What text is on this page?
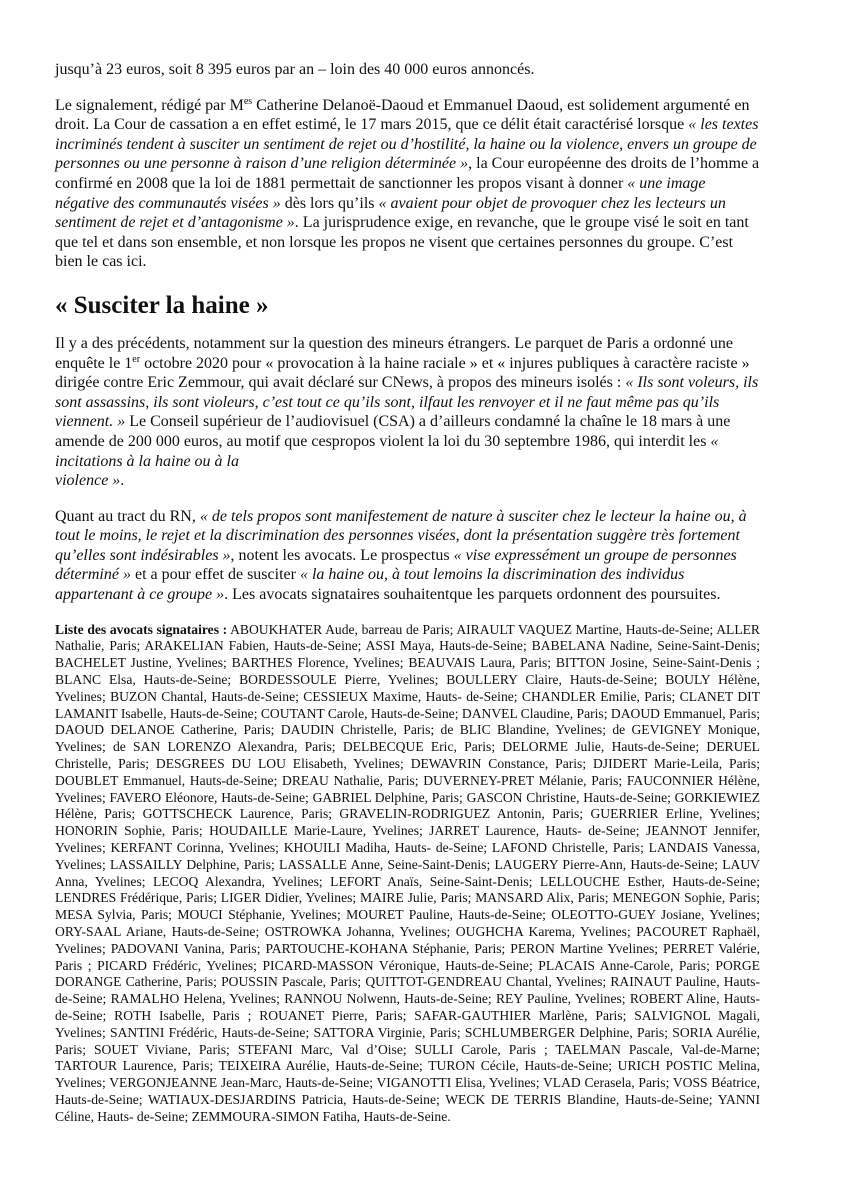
jusqu’à 23 euros, soit 8 395 euros par an – loin des 40 000 euros annoncés.

Le signalement, rédigé par $M^{es}$ Catherine Delanoë-Daoud et Emmanuel Daoud, est solidement argumenté en droit. La Cour de cassation a en effet estimé, le 17 mars 2015, que ce délit était caractérisé lorsque « les textes incriminés tendent à susciter un sentiment de rejet ou d’hostilité, la haine ou la violence, envers un groupe de personnes ou une personne à raison d’une religion déterminée », la Cour européenne des droits de l’homme a confirmé en 2008 que la loi de 1881 permettait de sanctionner les propos visant à donner « une image négative des communautés visées » dès lors qu’ils « avaient pour objet de provoquer chez les lecteurs un sentiment de rejet et d’antagonisme ». La jurisprudence exige, en revanche, que le groupe visé le soit en tant que tel et dans son ensemble, et non lorsque les propos ne visent que certaines personnes du groupe. C’est bien le cas ici.

« Susciter la haine »

Il y a des précédents, notamment sur la question des mineurs étrangers. Le parquet de Paris a ordonné une enquête le 1er octobre 2020 pour « provocation à la haine raciale » et « injures publiques à caractère raciste » dirigée contre Eric Zemmour, qui avait déclaré sur CNews, à propos des mineurs isolés : « Ils sont voleurs, ils sont assassins, ils sont violeurs, c’est tout ce qu’ils sont, ilfaut les renvoyer et il ne faut même pas qu’ils viennent. » Le Conseil supérieur de l’audiovisuel (CSA) a d’ailleurs condamné la chaîne le 18 mars à une amende de 200 000 euros, au motif que cespropos violent la loi du 30 septembre 1986, qui interdit les « incitations à la haine ou à la
violence ».

Quant au tract du RN, « de tels propos sont manifestement de nature à susciter chez le lecteur la haine ou, à tout le moins, le rejet et la discrimination des personnes visées, dont la présentation suggère très fortement qu’elles sont indésirables », notent les avocats. Le prospectus « vise expressément un groupe de personnes déterminé » et a pour effet de susciter « la haine ou, à tout lemoins la discrimination des individus appartenant à ce groupe ». Les avocats signataires souhaitentque les parquets ordonnent des poursuites.

Liste des avocats signataires : ABOUKHATER Aude, barreau de Paris; AIRAULT VAQUEZ Martine, Hauts-de-Seine; ALLER Nathalie, Paris; ARAKELIAN Fabien, Hauts-de-Seine; ASSI Maya, Hauts-de-Seine; BABELANA Nadine, Seine-Saint-Denis; BACHELET Justine, Yvelines; BARTHES Florence, Yvelines; BEAUVAIS Laura, Paris; BITTON Josine, Seine-Saint-Denis ; BLANC Elsa, Hauts-de-Seine; BORDESSOULE Pierre, Yvelines; BOULLERY Claire, Hauts-de-Seine; BOULY Hélène, Yvelines; BUZON Chantal, Hauts-de-Seine; CESSIEUX Maxime, Hauts- de-Seine; CHANDLER Emilie, Paris; CLANET DIT LAMANIT Isabelle, Hauts-de-Seine; COUTANT Carole, Hauts-de-Seine; DANVEL Claudine, Paris; DAOUD Emmanuel, Paris; DAOUD DELANOE Catherine, Paris; DAUDIN Christelle, Paris; de BLIC Blandine, Yvelines; de GEVIGNEY Monique, Yvelines; de SAN LORENZO Alexandra, Paris; DELBECQUE Eric, Paris; DELORME Julie, Hauts-de-Seine; DERUEL Christelle, Paris; DESGREES DU LOU Elisabeth, Yvelines; DEWAVRIN Constance, Paris; DJIDERT Marie-Leila, Paris; DOUBLET Emmanuel, Hauts-de-Seine; DREAU Nathalie, Paris; DUVERNEY-PRET Mélanie, Paris; FAUCONNIER Hélène, Yvelines; FAVERO Eléonore, Hauts-de-Seine; GABRIEL Delphine, Paris; GASCON Christine, Hauts-de-Seine; GORKIEWIEZ Hélène, Paris; GOTTSCHECK Laurence, Paris; GRAVELIN-RODRIGUEZ Antonin, Paris; GUERRIER Erline, Yvelines; HONORIN Sophie, Paris; HOUDAILLE Marie-Laure, Yvelines; JARRET Laurence, Hauts- de-Seine; JEANNOT Jennifer, Yvelines; KERFANT Corinna, Yvelines; KHOUILI Madiha, Hauts- de-Seine; LAFOND Christelle, Paris; LANDAIS Vanessa, Yvelines; LASSAILLY Delphine, Paris; LASSALLE Anne, Seine-Saint-Denis; LAUGERY Pierre-Ann, Hauts-de-Seine; LAUV Anna, Yvelines; LECOQ Alexandra, Yvelines; LEFORT Anaïs, Seine-Saint-Denis; LELLOUCHE Esther, Hauts-de-Seine; LENDRES Frédérique, Paris; LIGER Didier, Yvelines; MAIRE Julie, Paris; MANSARD Alix, Paris; MENEGON Sophie, Paris; MESA Sylvia, Paris; MOUCI Stéphanie, Yvelines; MOURET Pauline, Hauts-de-Seine; OLEOTTO-GUEY Josiane, Yvelines; ORY-SAAL Ariane, Hauts-de-Seine; OSTROWKA Johanna, Yvelines; OUGHCHA Karema, Yvelines; PACOURET Raphaël, Yvelines; PADOVANI Vanina, Paris; PARTOUCHE-KOHANA Stéphanie, Paris; PERON Martine Yvelines; PERRET Valérie, Paris ; PICARD Frédéric, Yvelines; PICARD-MASSON Véronique, Hauts-de-Seine; PLACAIS Anne-Carole, Paris; PORGE DORANGE Catherine, Paris; POUSSIN Pascale, Paris; QUITTOT-GENDREAU Chantal, Yvelines; RAINAUT Pauline, Hauts-de-Seine; RAMALHO Helena, Yvelines; RANNOU Nolwenn, Hauts-de-Seine; REY Pauline, Yvelines; ROBERT Aline, Hauts-de-Seine; ROTH Isabelle, Paris ; ROUANET Pierre, Paris; SAFAR-GAUTHIER Marlène, Paris; SALVIGNOL Magali, Yvelines; SANTINI Frédéric, Hauts-de-Seine; SATTORA Virginie, Paris; SCHLUMBERGER Delphine, Paris; SORIA Aurélie, Paris; SOUET Viviane, Paris; STEFANI Marc, Val d’Oise; SULLI Carole, Paris ; TAELMAN Pascale, Val-de-Marne; TARTOUR Laurence, Paris; TEIXEIRA Aurélie, Hauts-de-Seine; TURON Cécile, Hauts-de-Seine; URICH POSTIC Melina, Yvelines; VERGONJEANNE Jean-Marc, Hauts-de-Seine; VIGANOTTI Elisa, Yvelines; VLAD Cerasela, Paris; VOSS Béatrice, Hauts-de-Seine; WATIAUX-DESJARDINS Patricia, Hauts-de-Seine; WECK DE TERRIS Blandine, Hauts-de-Seine; YANNI Céline, Hauts- de-Seine; ZEMMOURA-SIMON Fatiha, Hauts-de-Seine.
